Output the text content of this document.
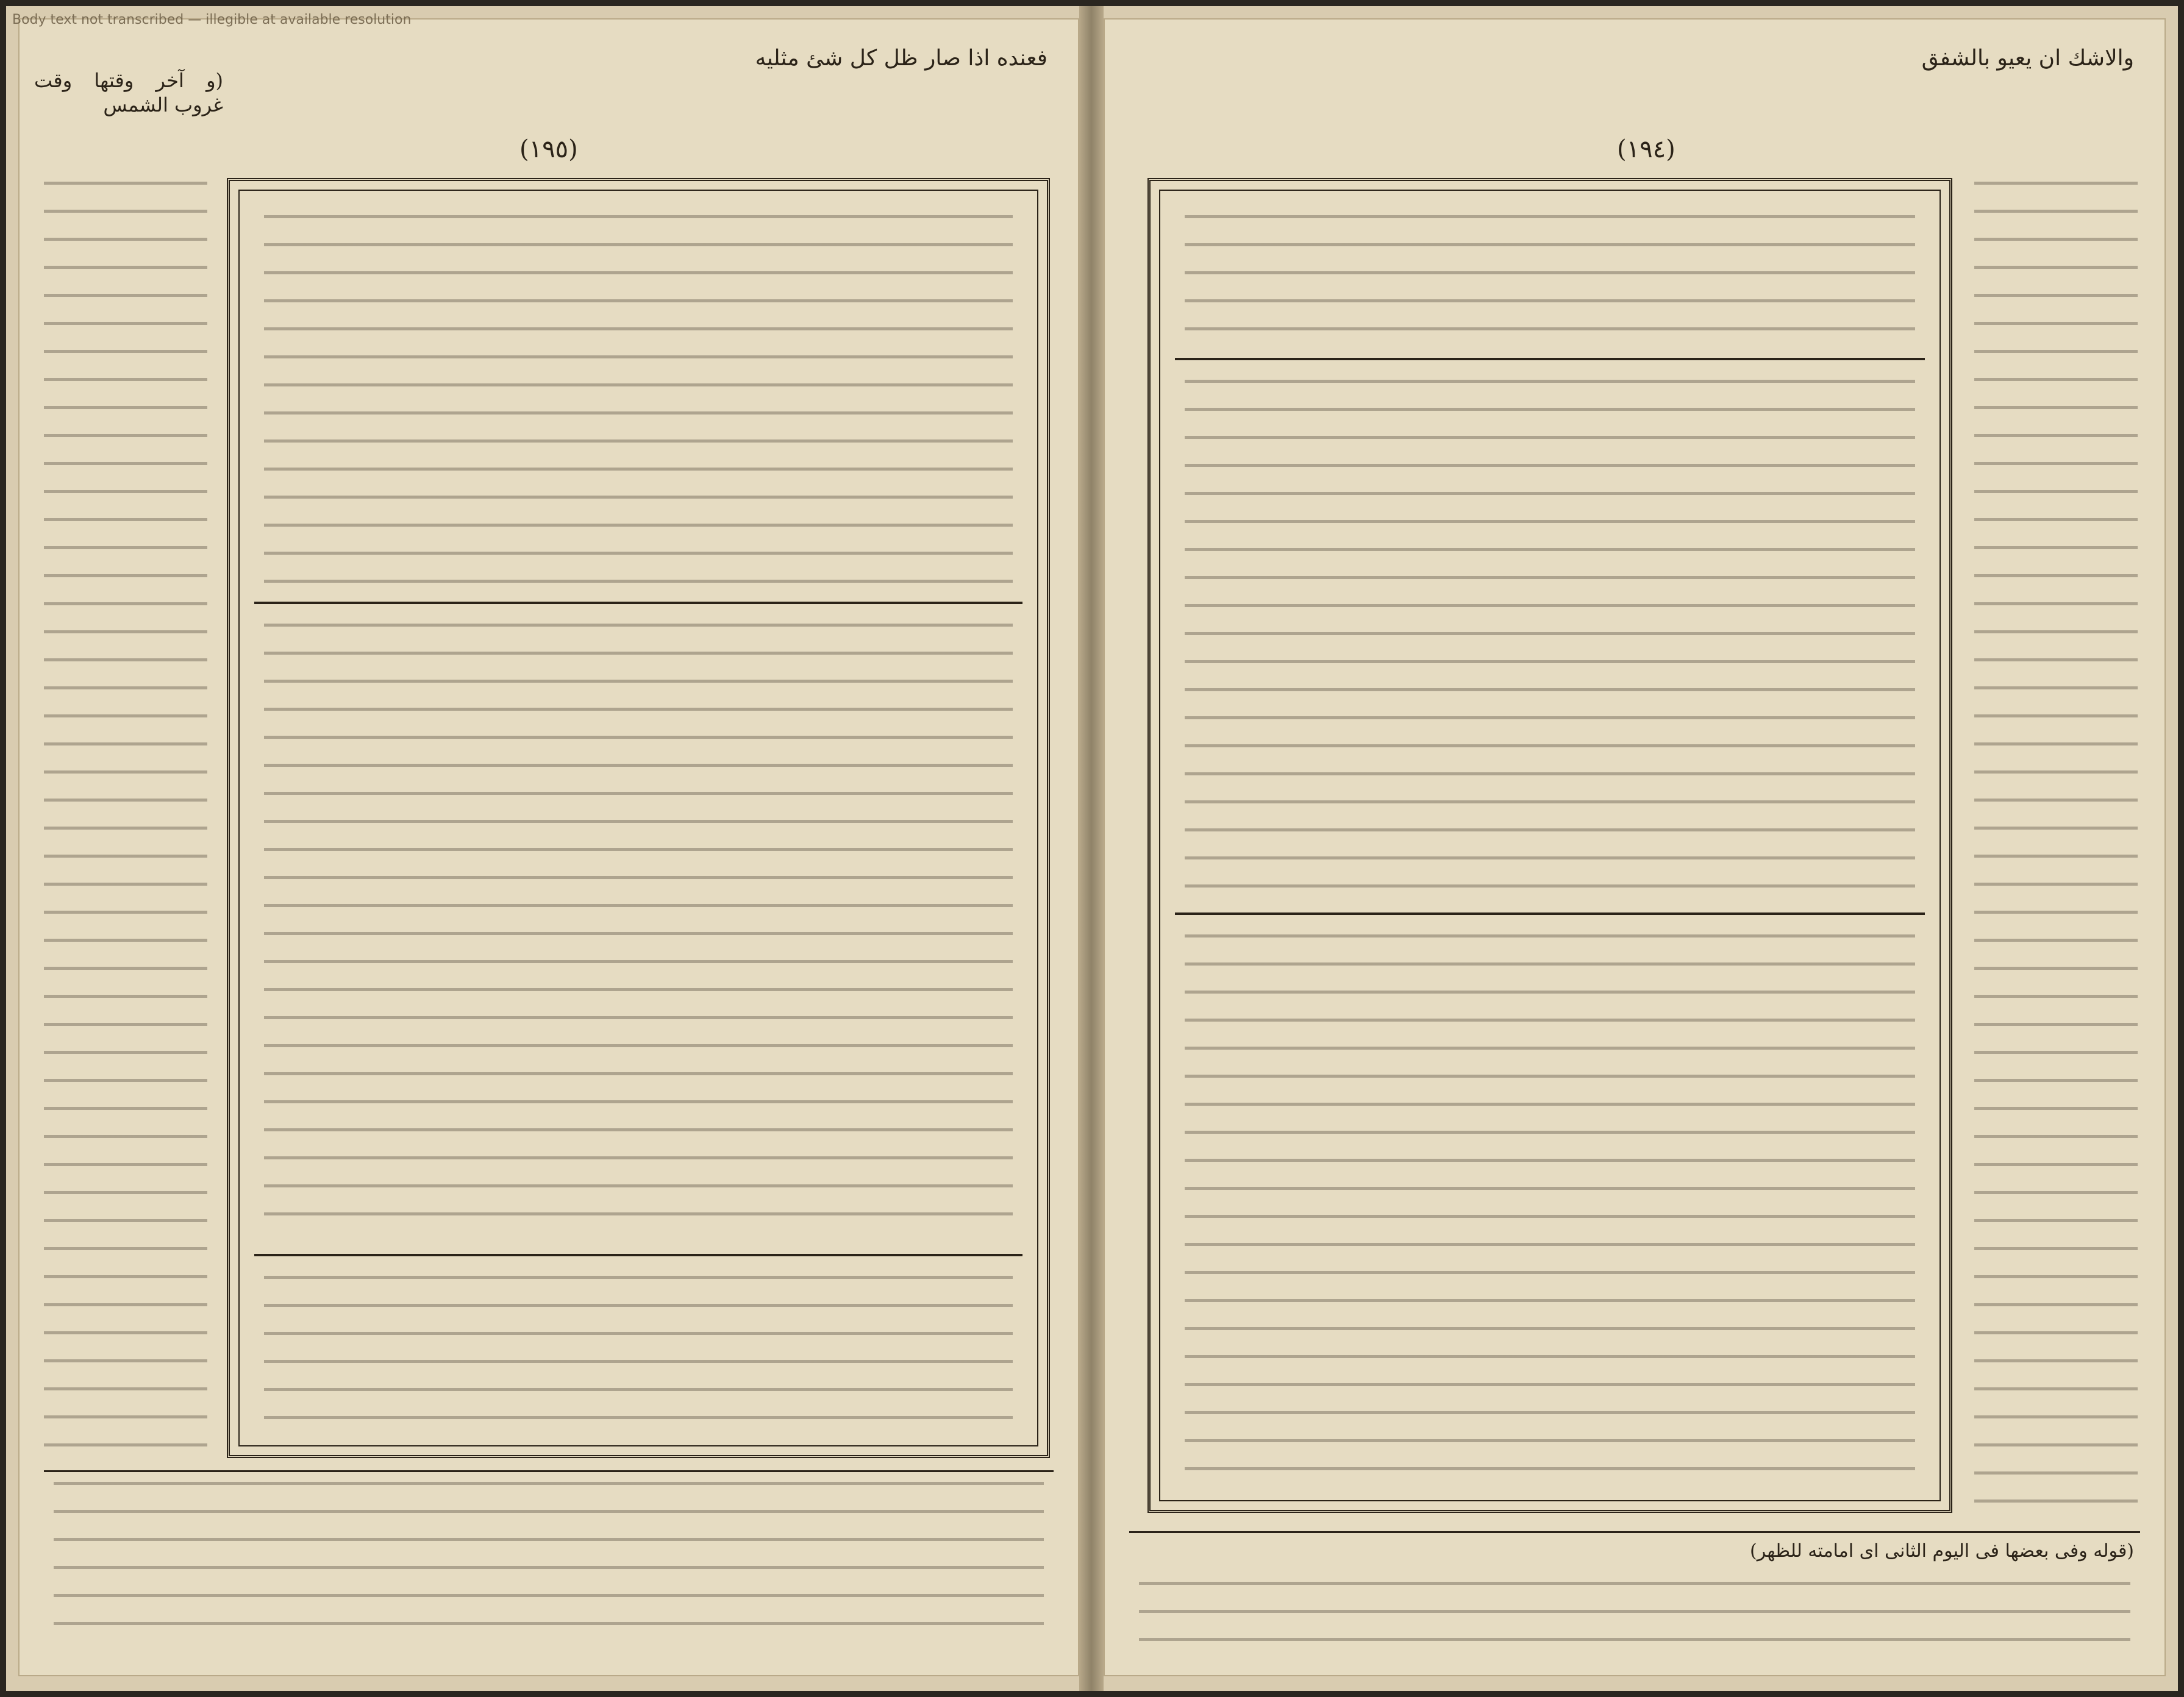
فعنده اذا صار ظل كل شئ مثليه
(١٩٥)
(و آخر وقتها وقت غروب الشمس
والاشك ان يعيو بالشفق
(١٩٤)
(قوله وفى بعضها فى اليوم الثانى اى امامته للظهر)
Body text not transcribed — illegible at available resolution
